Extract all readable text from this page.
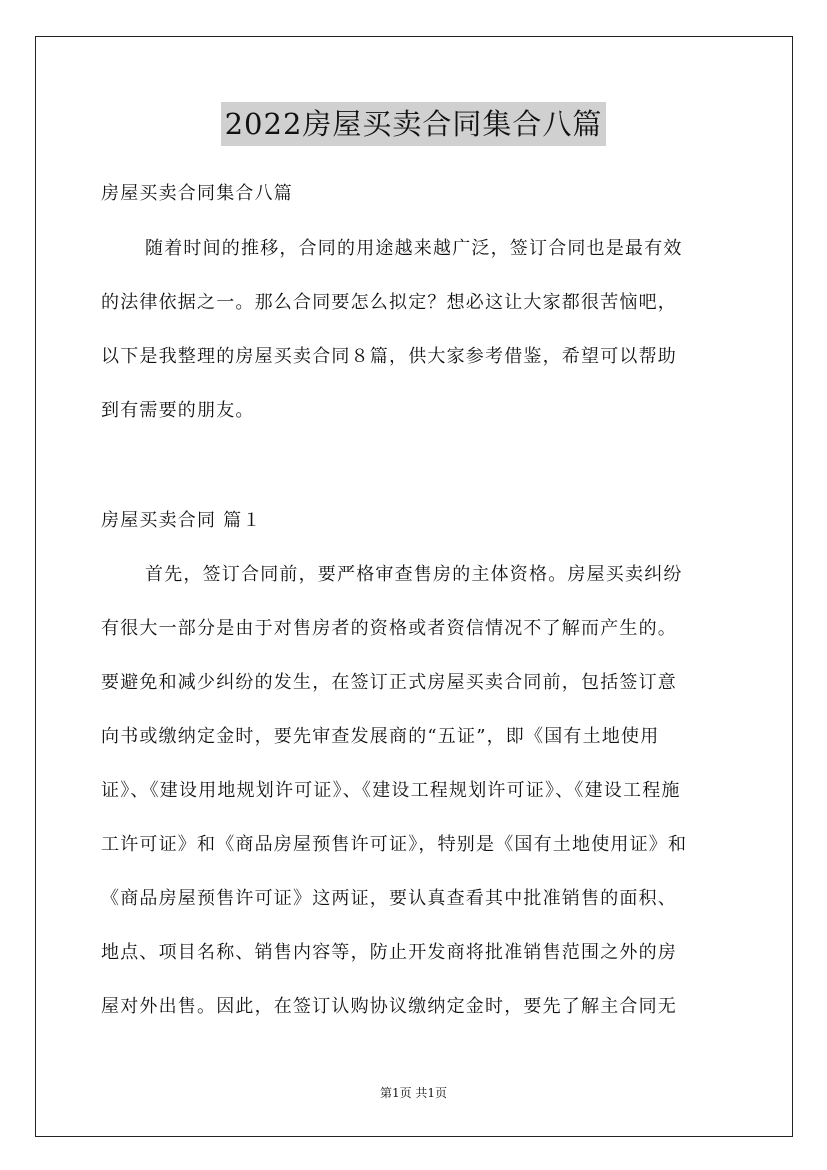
2022房屋买卖合同集合八篇
房屋买卖合同集合八篇
随着时间的推移，合同的用途越来越广泛，签订合同也是最有效
的法律依据之一。那么合同要怎么拟定？想必这让大家都很苦恼吧，
以下是我整理的房屋买卖合同８篇，供大家参考借鉴，希望可以帮助
到有需要的朋友。
房屋买卖合同 篇１
首先，签订合同前，要严格审查售房的主体资格。房屋买卖纠纷
有很大一部分是由于对售房者的资格或者资信情况不了解而产生的。
要避免和减少纠纷的发生，在签订正式房屋买卖合同前，包括签订意
向书或缴纳定金时，要先审查发展商的“五证”，即《国有土地使用
证》、《建设用地规划许可证》、《建设工程规划许可证》、《建设工程施
工许可证》和《商品房屋预售许可证》，特别是《国有土地使用证》和
《商品房屋预售许可证》这两证，要认真查看其中批准销售的面积、
地点、项目名称、销售内容等，防止开发商将批准销售范围之外的房
屋对外出售。因此，在签订认购协议缴纳定金时，要先了解主合同无
第1页 共1页
